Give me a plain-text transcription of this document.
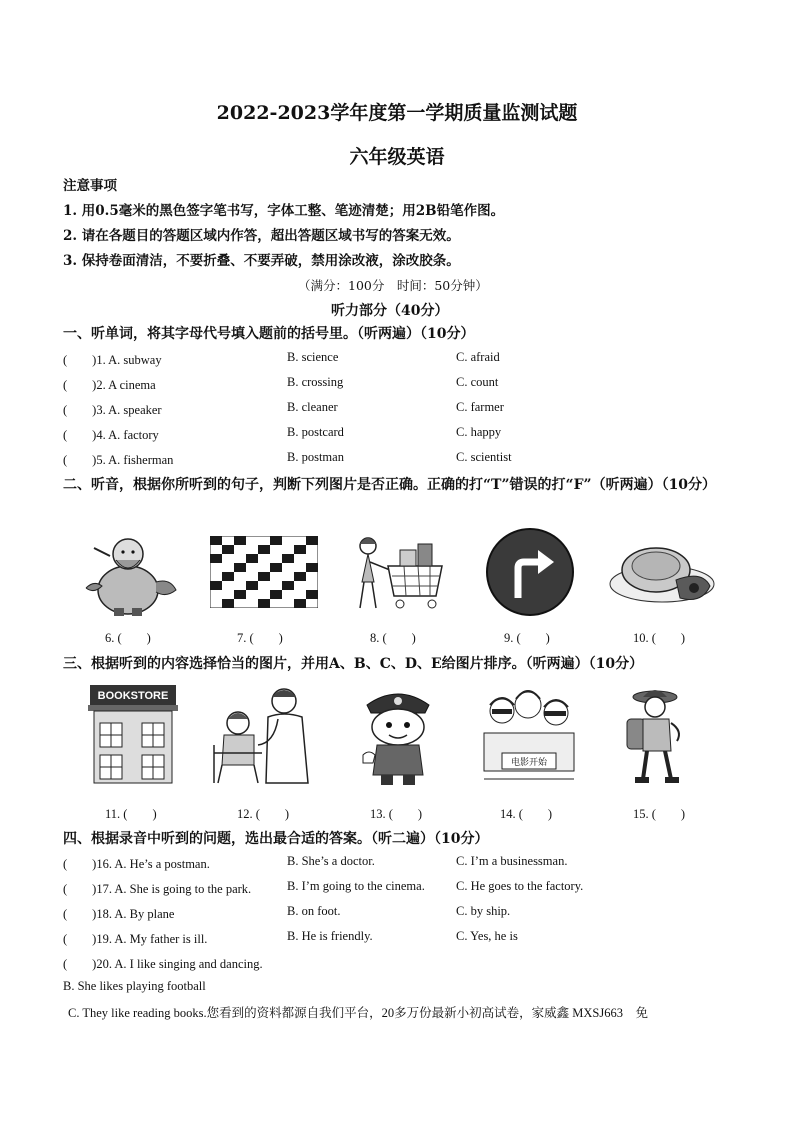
2022-2023学年度第一学期质量监测试题
六年级英语
注意事项
1. 用0.5毫米的黑色签字笔书写，字体工整、笔迹清楚；用2B铅笔作图。
2. 请在各题目的答题区域内作答，超出答题区域书写的答案无效。
3. 保持卷面清洁，不要折叠、不要弄破，禁用涂改液，涂改胶条。
（满分：100分　时间：50分钟）
听力部分（40分）
一、听单词，将其字母代号填入题前的括号里。（听两遍）（10分）
(　　)1. A. subway	B. science	C. afraid
(　　)2. A cinema	B. crossing	C. count
(　　)3. A. speaker	B. cleaner	C. farmer
(　　)4. A. factory	B. postcard	C. happy
(　　)5. A. fisherman	B. postman	C. scientist
二、听音，根据你所听到的句子，判断下列图片是否正确。正确的打“T”错误的打“F”（听两遍）（10分）
6. (　　)	7. (　　)	8. (　　)	9. (　　)	10. (　　)
三、根据听到的内容选择恰当的图片，并用A、B、C、D、E给图片排序。（听两遍）（10分）
BOOKSTORE
电影开始
11. (　　)	12. (　　)	13. (　　)	14. (　　)	15. (　　)
四、根据录音中听到的问题，选出最合适的答案。（听二遍）（10分）
(　　)16. A. He’s a postman.	B. She’s a doctor.	C. I’m a businessman.
(　　)17. A. She is going to the park.	B. I’m going to the cinema. C. He goes to the factory.
(　　)18. A. By plane	B. on foot.	C. by ship.
(　　)19. A. My father is ill.	B. He is friendly.	C. Yes, he is
(　　)20. A. I like singing and dancing.
B. She likes playing football
C. They like reading books.您看到的资料都源自我们平台，20多万份最新小初高试卷，家威鑫 MXSJ663　免
